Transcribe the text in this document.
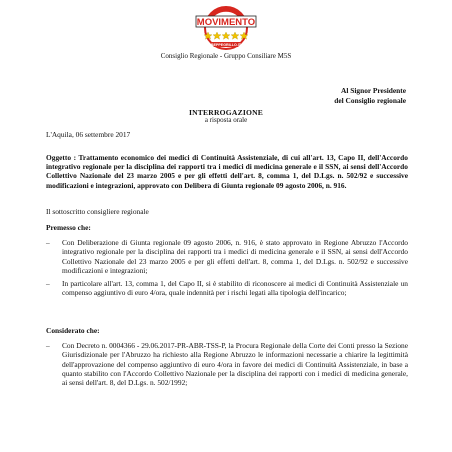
MOVIMENTO
BEPPEGRILLO.IT
Consiglio Regionale - Gruppo Consiliare M5S
Al Signor Presidente
del Consiglio regionale
INTERROGAZIONE
a risposta orale
L'Aquila, 06 settembre 2017
Oggetto : Trattamento economico dei medici di Continuità Assistenziale, di cui all'art. 13, Capo II, dell'Accordo integrativo regionale per la disciplina dei rapporti tra i medici di medicina generale e il SSN, ai sensi dell'Accordo Collettivo Nazionale del 23 marzo 2005 e per gli effetti dell'art. 8, comma 1, del D.Lgs. n. 502/92 e successive modificazioni e integrazioni, approvato con Delibera di Giunta regionale 09 agosto 2006, n. 916.
Il sottoscritto consigliere regionale
Premesso che:
– Con Deliberazione di Giunta regionale 09 agosto 2006, n. 916, è stato approvato in Regione Abruzzo l'Accordo integrativo regionale per la disciplina dei rapporti tra i medici di medicina generale e il SSN, ai sensi dell'Accordo Collettivo Nazionale del 23 marzo 2005 e per gli effetti dell'art. 8, comma 1, del D.Lgs. n. 502/92 e successive modificazioni e integrazioni;
– In particolare all'art. 13, comma 1, del Capo II, si è stabilito di riconoscere ai medici di Continuità Assistenziale un compenso aggiuntivo di euro 4/ora, quale indennità per i rischi legati alla tipologia dell'incarico;
Considerato che:
– Con Decreto n. 0004366 - 29.06.2017-PR-ABR-TSS-P, la Procura Regionale della Corte dei Conti presso la Sezione Giurisdizionale per l'Abruzzo ha richiesto alla Regione Abruzzo le informazioni necessarie a chiarire la legittimità dell'approvazione del compenso aggiuntivo di euro 4/ora in favore dei medici di Continuità Assistenziale, in base a quanto stabilito con l'Accordo Collettivo Nazionale per la disciplina dei rapporti con i medici di medicina generale, ai sensi dell'art. 8, del D.Lgs. n. 502/1992;
